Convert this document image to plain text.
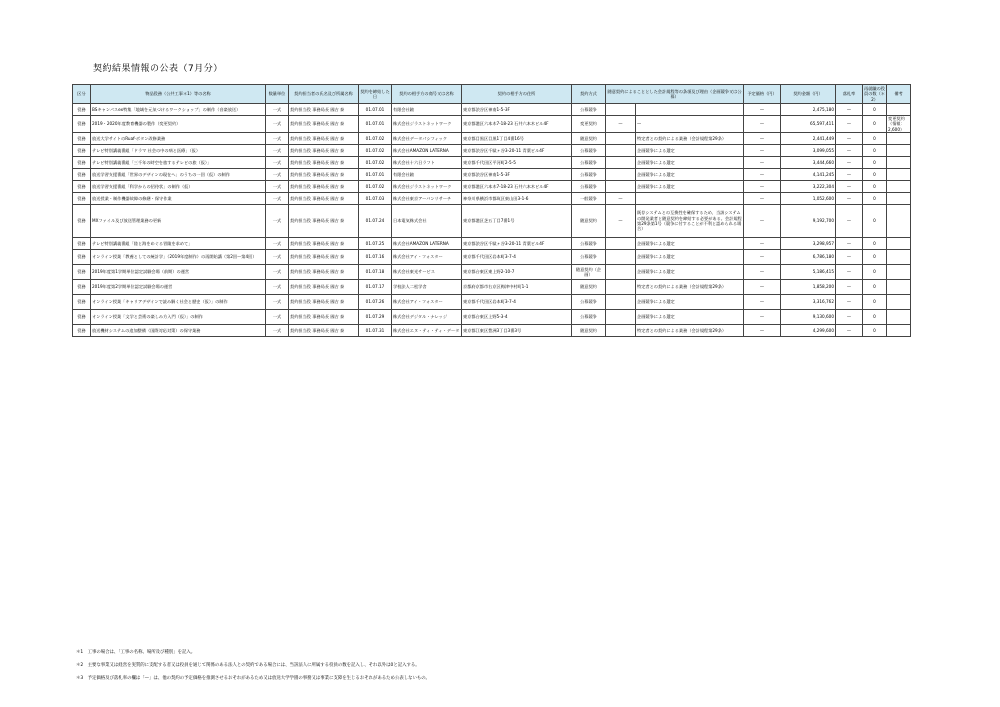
契約結果情報の公表（7月分）
区分	物品役務（公共工事＊1）等の名称	数量単位	契約担当者の氏名及び所属名称	契約を締結した日	契約の相手方の商号又は名称	契約の相手方の住所	契約方式	随意契約によることとした会計規程等の条項及び理由（企画競争又は公募）		予定価格（円）	契約金額（円）	落札率	再就職の役員の数（＊2）	備考
役務	BSキャンパスex特集「地域を元気づけるワークショップ」の制作（音楽放送）	一式	契約担当役 事務局長 國吉 泰	01.07.01	有限会社鎚	東京都渋谷区神南1-5-3F	公募競争			—	2,475,180	—	0	
役務	2019・2020年度教育機器の製作（変更契約）	一式	契約担当役 事務局長 國吉 泰	01.07.01	株式会社ジラストネットワーク	東京都港区六本木7-18-23 石井六本木ビル4F	変更契約	—	—	—	65,597,411	—	0	変更契約（情報：2,600）
役務	放送大学サイトのRuaf-ボタン改修業務	一式	契約担当役 事務局長 國吉 泰	01.07.02	株式会社データパシフィック	東京都目黒区目黒1丁目4番16号	随意契約		特定者との契約による業務（会計規程第29条）	—	2,441,449	—	0	
役務	テレビ特別講義番組「ドラマ 社会の中の病と医療」（仮）	一式	契約担当役 事務局長 國吉 泰	01.07.02	株式会社AMAZON LATERNA	東京都渋谷区千駄ヶ谷3-20-11 青葉ビル4F	公募競争		企画競争による選定	—	3,099,055	—	0	
役務	テレビ特別講義番組「三千年の時空を旅するテレビの旅（仮）」	一式	契約担当役 事務局長 國吉 泰	01.07.02	株式会社十六日ラフト	東京都千代田区平河町2-5-5	公募競争		企画競争による選定	—	3,444,660	—	0	
役務	放送学習支援番組「世界のデザインの現在へ」のうちの一回（仮）の制作	一式	契約担当役 事務局長 國吉 泰	01.07.01	有限会社鎚	東京都渋谷区神南1-5-3F	公募競争		企画競争による選定	—	4,141,245	—	0	
役務	放送学習支援番組「科学からの招待状」の制作（仮）	一式	契約担当役 事務局長 國吉 泰	01.07.02	株式会社ジラストネットワーク	東京都港区六本木7-18-23 石井六本木ビル4F	公募競争		企画競争による選定	—	3,222,304	—	0	
役務	放送授業・制作機器故障の修繕・保守作業	一式	契約担当役 事務局長 國吉 泰	01.07.03	株式会社東京アーバンリサーチ	神奈川県横浜市都筑区東山田3-1-6	一般競争	—		—	1,052,600	—	0	
役務	MXファイル及び放送管理業務の更新	一式	契約担当役 事務局長 國吉 泰	01.07.24	日本電気株式会社	東京都港区芝五丁目7番1号	随意契約	—	既存システムとの互換性を確保するため、当該システムの開発業者と随意契約を締結する必要がある。会計規程第29条第1号（競争に付することが不利と認められる場合）	—	9,192,700	—	0	
役務	テレビ特別講義番組「陸と海をめぐる冒険を求めて」	一式	契約担当役 事務局長 國吉 泰	01.07.25	株式会社AMAZON LATERNA	東京都渋谷区千駄ヶ谷3-20-11 青葉ビル4F	公募競争		企画競争による選定	—	3,298,957	—	0	
役務	オンライン授業「教養としての統計学」（2019年度制作）の再開始講（第2回～第4回）	一式	契約担当役 事務局長 國吉 泰	01.07.16	株式会社アイ・フォスター	東京都千代田区岩本町3-7-4	公募競争		企画競争による選定	—	6,786,180	—	0	
役務	2019年度第1学期単位認定試験会場（前期）の運営	一式	契約担当役 事務局長 國吉 泰	01.07.18	株式会社東光サービス	東京都台東区東上野2-10-7	随意契約（企画）		企画競争による選定	—	5,186,415	—	0	
役務	2019年度第2学期単位認定試験会場の運営	一式	契約担当役 事務局長 國吉 泰	01.07.17	学校法人二松学舎	京都府京都市右京区梅津中村町1-1	随意契約		特定者との契約による業務（会計規程第29条）	—	1,858,200	—	0	
役務	オンライン授業「キャリアデザインで読み解く社会と歴史（仮）」の制作	一式	契約担当役 事務局長 國吉 泰	01.07.26	株式会社アイ・フォスター	東京都千代田区岩本町3-7-4	公募競争		企画競争による選定	—	3,316,762	—	0	
役務	オンライン授業「文学と芸術の楽しみ方入門（仮）」の制作	一式	契約担当役 事務局長 國吉 泰	01.07.29	株式会社デジタル・ナレッジ	東京都台東区上野5-3-4	公募競争		企画競争による選定	—	9,130,600	—	0	
役務	放送機材システムの追加整備（国際対応対策）の保守業務	一式	契約担当役 事務局長 國吉 泰	01.07.31	株式会社エヌ・ティ・ティ・データ	東京都江東区豊洲3丁目3番3号	随意契約		特定者との契約による業務（会計規程第29条）	—	4,299,600	—	0	
＊1　工事の場合は、「工事の名称、場所及び種別」を記入。
＊2　主要な事業又は経営を実質的に支配する者又は役員を通じて関係のある法人との契約である場合には、当該法人に所属する役員の数を記入し、それ以外は0と記入する。
＊3　予定価格及び落札率の欄は「—」は、他の契約の予定価格を推測させるおそれがあるため又は放送大学学園の事務又は事業に支障を生じるおそれがあるため公表しないもの。
